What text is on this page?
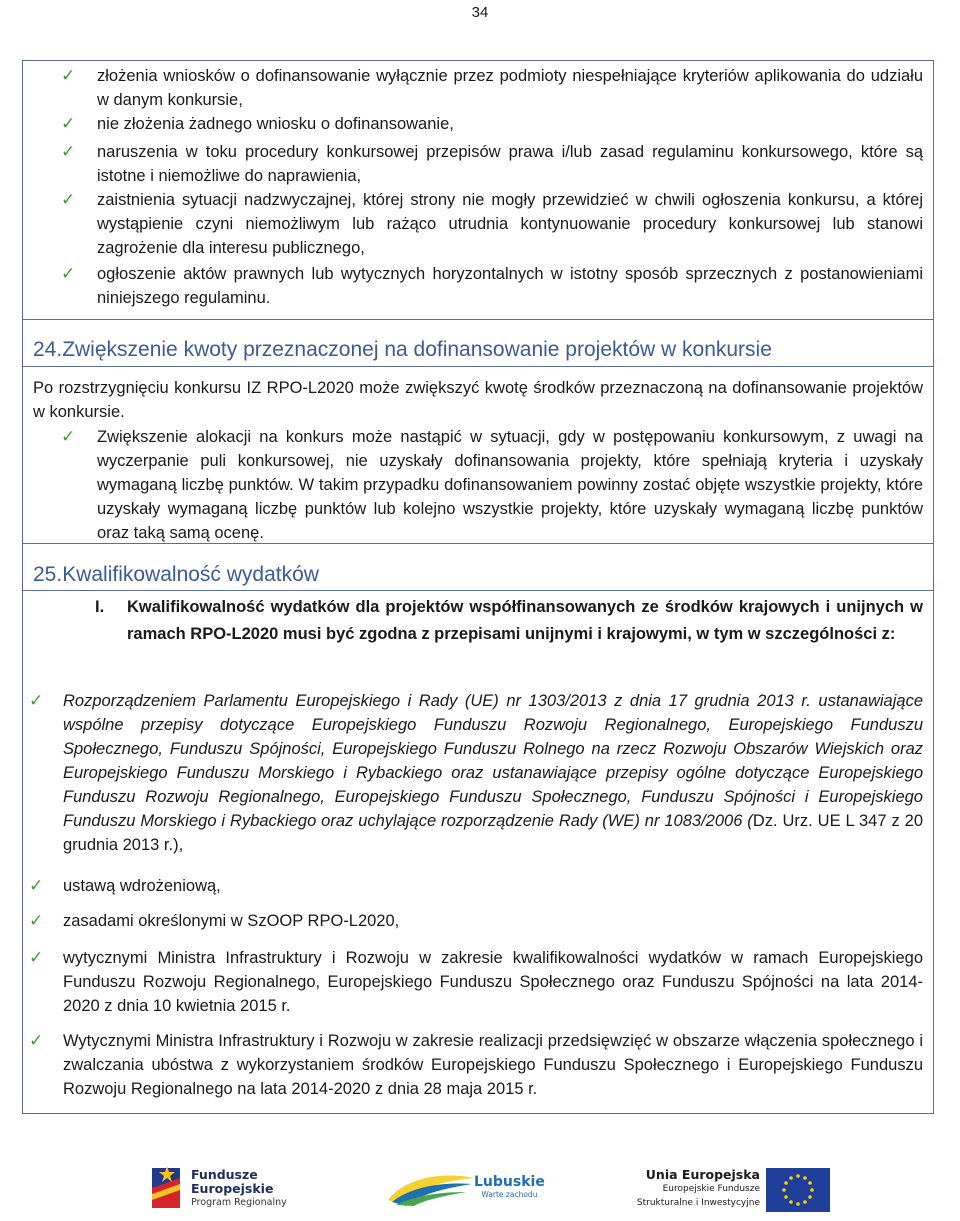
34
✓ złożenia wniosków o dofinansowanie wyłącznie przez podmioty niespełniające kryteriów aplikowania do udziału w danym konkursie,
✓ nie złożenia żadnego wniosku o dofinansowanie,
✓ naruszenia w toku procedury konkursowej przepisów prawa i/lub zasad regulaminu konkursowego, które są istotne i niemożliwe do naprawienia,
✓ zaistnienia sytuacji nadzwyczajnej, której strony nie mogły przewidzieć w chwili ogłoszenia konkursu, a której wystąpienie czyni niemożliwym lub rażąco utrudnia kontynuowanie procedury konkursowej lub stanowi zagrożenie dla interesu publicznego,
✓ ogłoszenie aktów prawnych lub wytycznych horyzontalnych w istotny sposób sprzecznych z postanowieniami niniejszego regulaminu.
24.Zwiększenie kwoty przeznaczonej na dofinansowanie projektów w konkursie
Po rozstrzygnięciu konkursu IZ RPO-L2020 może zwiększyć kwotę środków przeznaczoną na dofinansowanie projektów w konkursie.
✓ Zwiększenie alokacji na konkurs może nastąpić w sytuacji, gdy w postępowaniu konkursowym, z uwagi na wyczerpanie puli konkursowej, nie uzyskały dofinansowania projekty, które spełniają kryteria i uzyskały wymaganą liczbę punktów. W takim przypadku dofinansowaniem powinny zostać objęte wszystkie projekty, które uzyskały wymaganą liczbę punktów lub kolejno wszystkie projekty, które uzyskały wymaganą liczbę punktów oraz taką samą ocenę.
25.Kwalifikowalność wydatków
I.	Kwalifikowalność wydatków dla projektów współfinansowanych ze środków krajowych i unijnych w ramach RPO-L2020 musi być zgodna z przepisami unijnymi i krajowymi, w tym w szczególności z:
✓ Rozporządzeniem Parlamentu Europejskiego i Rady (UE) nr 1303/2013 z dnia 17 grudnia 2013 r. ustanawiające wspólne przepisy dotyczące Europejskiego Funduszu Rozwoju Regionalnego, Europejskiego Funduszu Społecznego, Funduszu Spójności, Europejskiego Funduszu Rolnego na rzecz Rozwoju Obszarów Wiejskich oraz Europejskiego Funduszu Morskiego i Rybackiego oraz ustanawiające przepisy ogólne dotyczące Europejskiego Funduszu Rozwoju Regionalnego, Europejskiego Funduszu Społecznego, Funduszu Spójności i Europejskiego Funduszu Morskiego i Rybackiego oraz uchylające rozporządzenie Rady (WE) nr 1083/2006 (Dz. Urz. UE L 347 z 20 grudnia 2013 r.),
✓ ustawą wdrożeniową,
✓ zasadami określonymi w SzOOP RPO-L2020,
✓ wytycznymi Ministra Infrastruktury i Rozwoju w zakresie kwalifikowalności wydatków w ramach Europejskiego Funduszu Rozwoju Regionalnego, Europejskiego Funduszu Społecznego oraz Funduszu Spójności na lata 2014-2020 z dnia 10 kwietnia 2015 r.
✓ Wytycznymi Ministra Infrastruktury i Rozwoju w zakresie realizacji przedsięwzięć w obszarze włączenia społecznego i zwalczania ubóstwa z wykorzystaniem środków Europejskiego Funduszu Społecznego i Europejskiego Funduszu Rozwoju Regionalnego na lata 2014-2020 z dnia 28 maja 2015 r.
Fundusze
Europejskie
Program Regionalny
Lubuskie
Warte zachodu
Unia Europejska
Europejskie Fundusze
Strukturalne i Inwestycyjne
